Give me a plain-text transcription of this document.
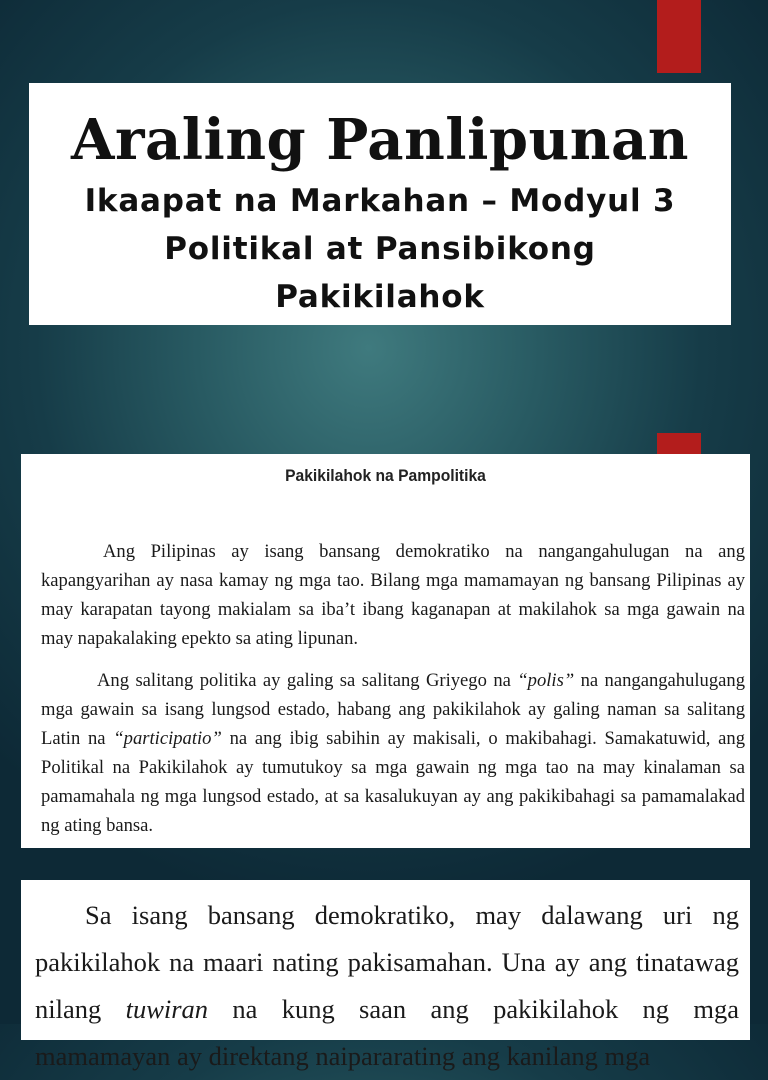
Araling Panlipunan
Ikaapat na Markahan – Modyul 3
Politikal at Pansibikong
Pakikilahok
Pakikilahok na Pampolitika

Ang Pilipinas ay isang bansang demokratiko na nangangahulugan na ang kapangyarihan ay nasa kamay ng mga tao. Bilang mga mamamayan ng bansang Pilipinas ay may karapatan tayong makialam sa iba’t ibang kaganapan at makilahok sa mga gawain na may napakalaking epekto sa ating lipunan.

Ang salitang politika ay galing sa salitang Griyego na “polis” na nangangahulugang mga gawain sa isang lungsod estado, habang ang pakikilahok ay galing naman sa salitang Latin na “participatio” na ang ibig sabihin ay makisali, o makibahagi. Samakatuwid, ang Politikal na Pakikilahok ay tumutukoy sa mga gawain ng mga tao na may kinalaman sa pamamahala ng mga lungsod estado, at sa kasalukuyan ay ang pakikibahagi sa pamamalakad ng ating bansa.

Sa isang bansang demokratiko, may dalawang uri ng pakikilahok na maari nating pakisamahan. Una ay ang tinatawag nilang tuwiran na kung saan ang pakikilahok ng mga mamamayan ay direktang naipararating ang kanilang mga
